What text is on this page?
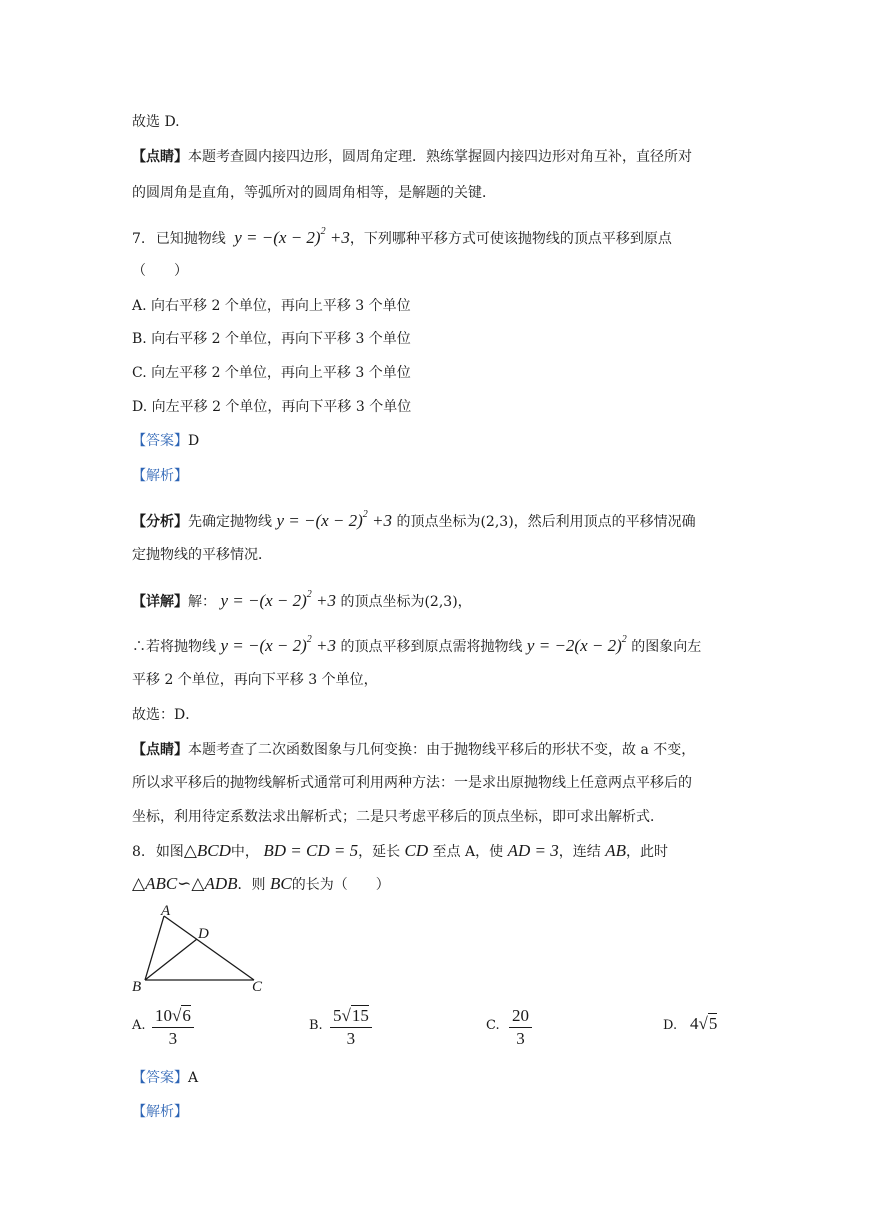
故选 D.
【点睛】本题考查圆内接四边形，圆周角定理．熟练掌握圆内接四边形对角互补，直径所对
的圆周角是直角，等弧所对的圆周角相等，是解题的关键．
7. 已知抛物线 $y = -(x - 2)^2 +3$，下列哪种平移方式可使该抛物线的顶点平移到原点
（　　）
A. 向右平移 2 个单位，再向上平移 3 个单位
B. 向右平移 2 个单位，再向下平移 3 个单位
C. 向左平移 2 个单位，再向上平移 3 个单位
D. 向左平移 2 个单位，再向下平移 3 个单位
【答案】D
【解析】
【分析】先确定抛物线 $y = -(x - 2)^2 +3$ 的顶点坐标为(2,3)，然后利用顶点的平移情况确
定抛物线的平移情况．
【详解】解： $y = -(x - 2)^2 +3$ 的顶点坐标为(2,3)，
∴若将抛物线 $y = -(x - 2)^2 +3$ 的顶点平移到原点需将抛物线 $y = -2(x - 2)^2$ 的图象向左
平移 2 个单位，再向下平移 3 个单位，
故选：D．
【点睛】本题考查了二次函数图象与几何变换：由于抛物线平移后的形状不变，故 a 不变，
所以求平移后的抛物线解析式通常可利用两种方法：一是求出原抛物线上任意两点平移后的
坐标，利用待定系数法求出解析式；二是只考虑平移后的顶点坐标，即可求出解析式．
8. 如图△BCD中， BD = CD = 5，延长 CD 至点 A，使 AD = 3，连结 AB，此时
△ABC∽△ADB．则 BC的长为（　　）
A
D
B	C
A. $\frac{10√6}{3}$	B. $\frac{5√15}{3}$	C. $\frac{20}{3}$	D. 4√5
【答案】A
【解析】
